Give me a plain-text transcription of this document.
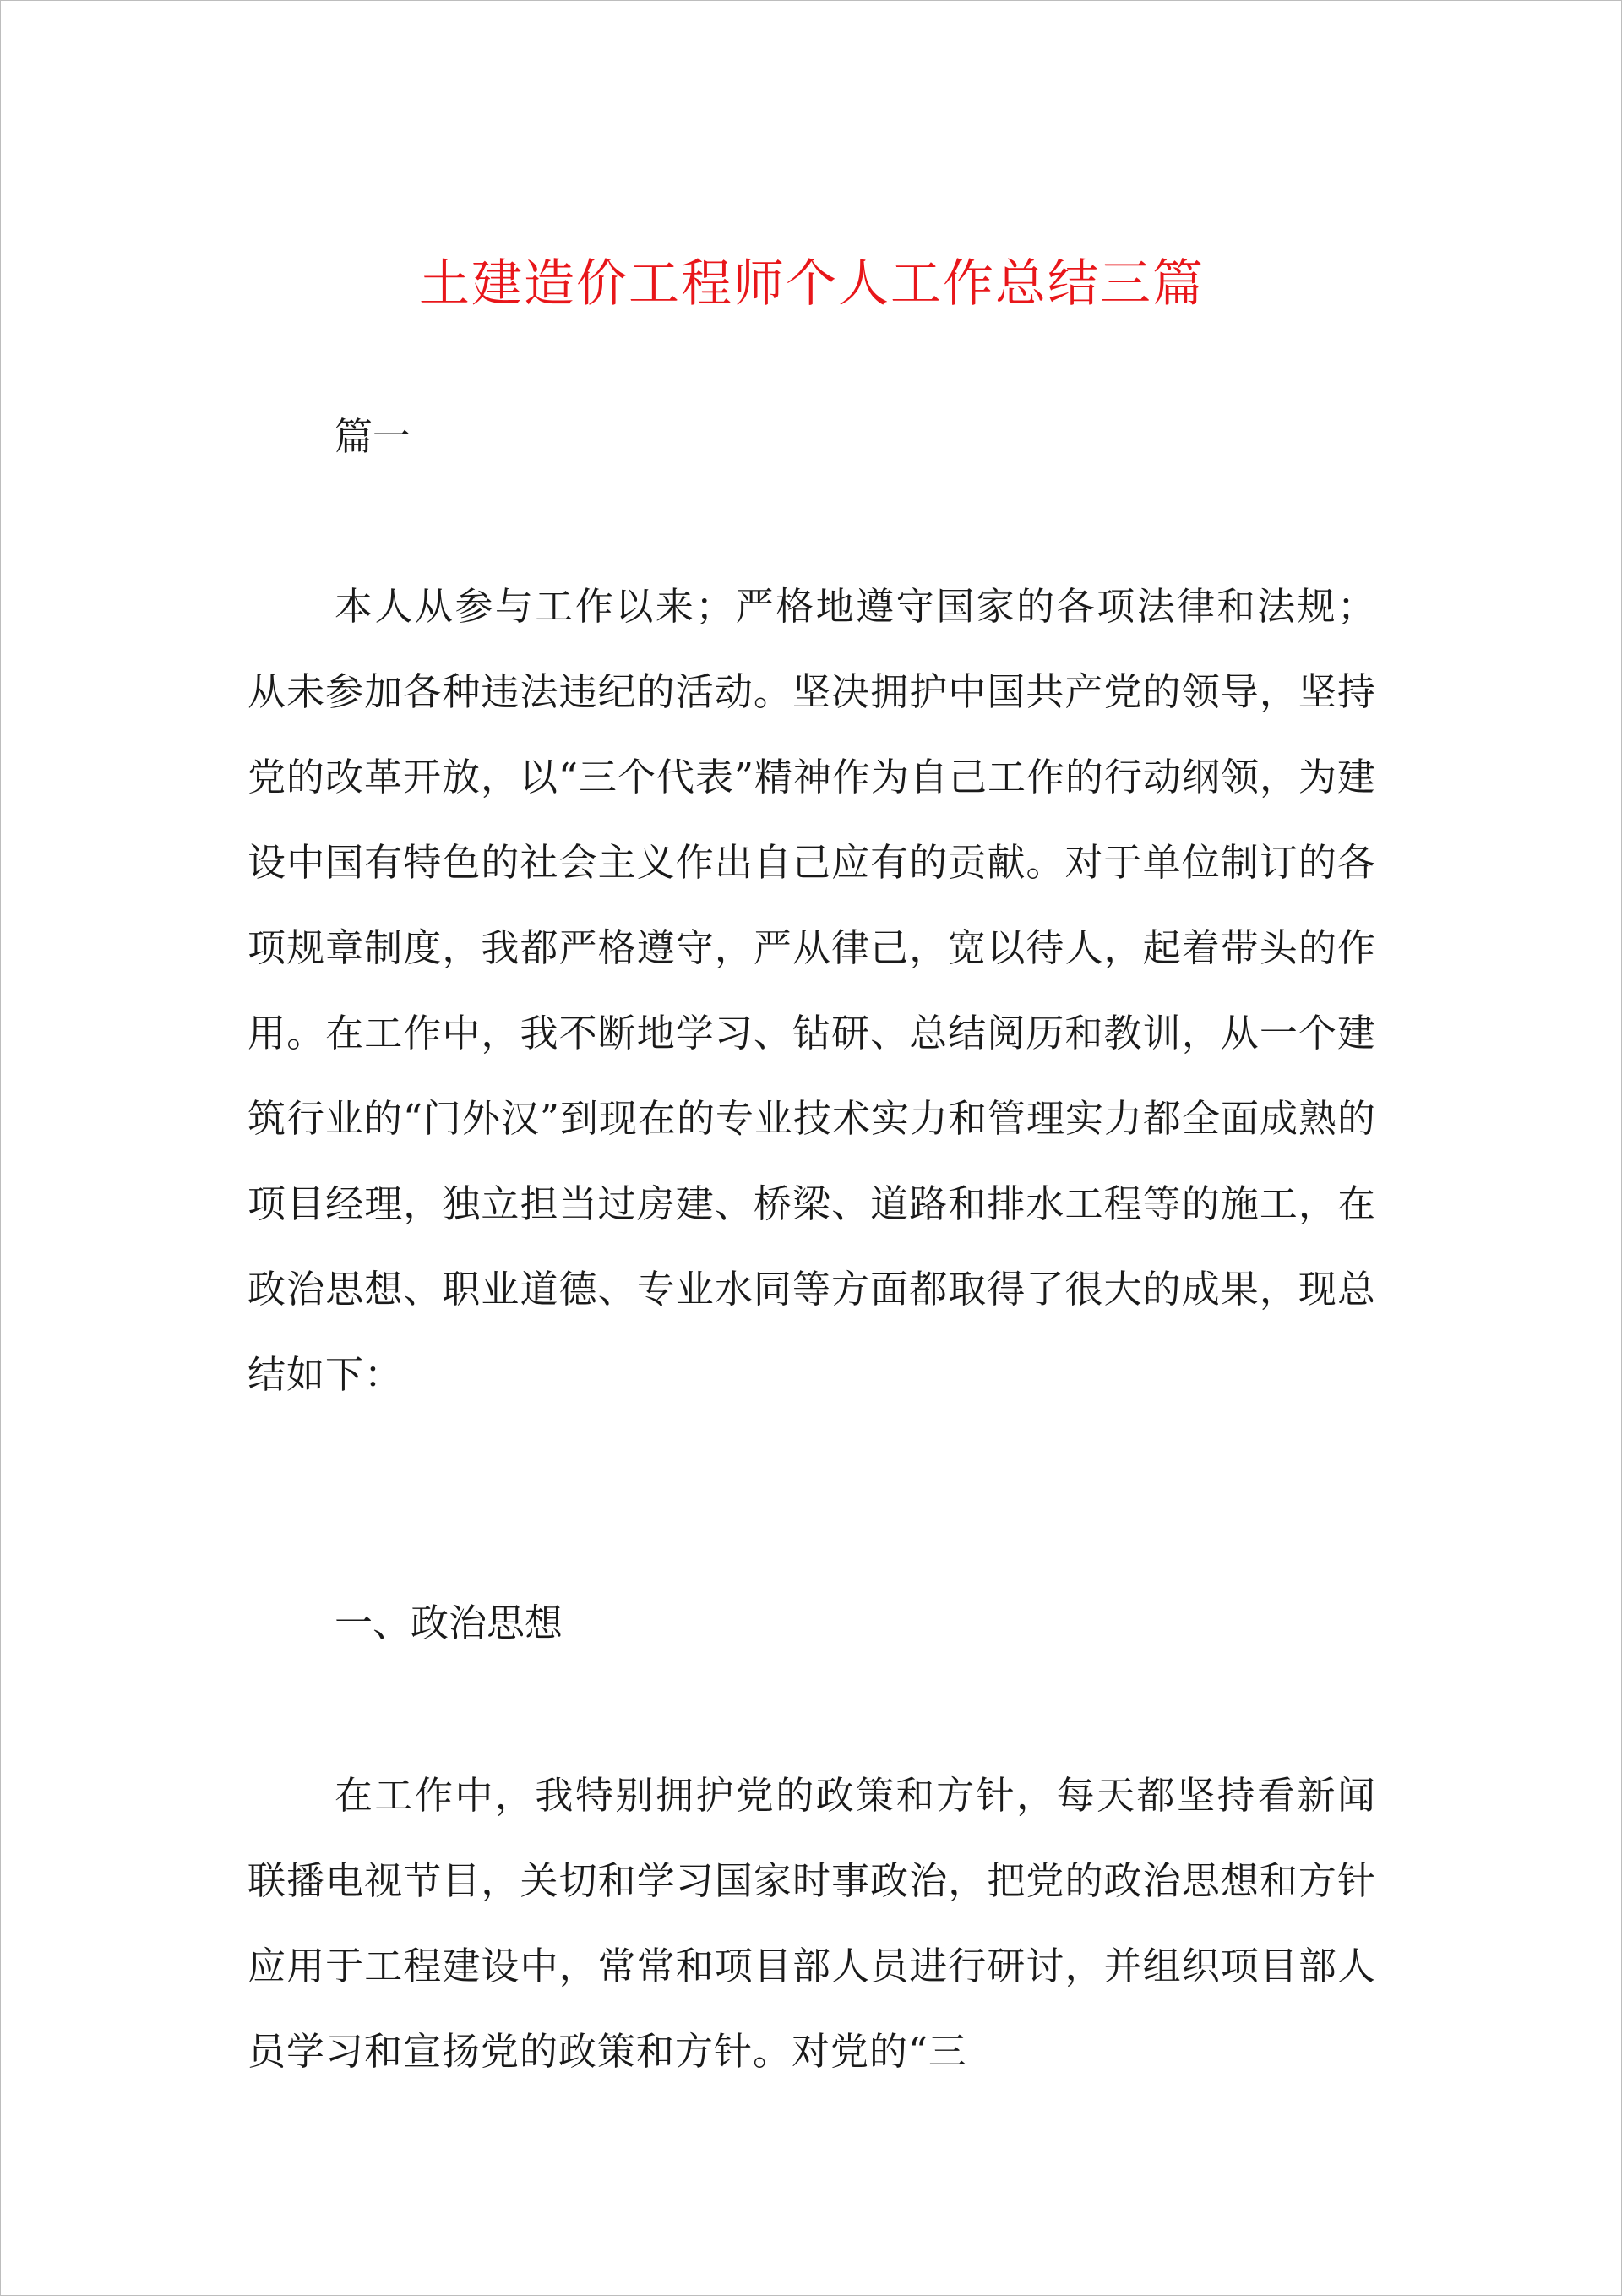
土建造价工程师个人工作总结三篇
篇一

本人从参与工作以来；严格地遵守国家的各项法律和法规；从未参加各种违法违纪的活动。坚决拥护中国共产党的领导，坚持党的改革开放，以“三个代表”精神作为自己工作的行动纲领，为建设中国有特色的社会主义作出自己应有的贡献。对于单位制订的各项规章制度，我都严格遵守，严从律己，宽以待人，起着带头的作用。在工作中，我不断地学习、钻研、总结阅历和教训，从一个建筑行业的“门外汉”到现在的专业技术实力和管理实力都全面成熟的项目经理，独立担当过房建、桥梁、道路和排水工程等的施工，在政治思想、职业道德、专业水同等方面都取得了很大的成果，现总结如下：

一、政治思想

在工作中，我特别拥护党的政策和方针，每天都坚持看新闻联播电视节目，关切和学习国家时事政治，把党的政治思想和方针应用于工程建设中，常常和项目部人员进行研讨，并组织项目部人员学习和宣扬党的政策和方针。对党的“三
